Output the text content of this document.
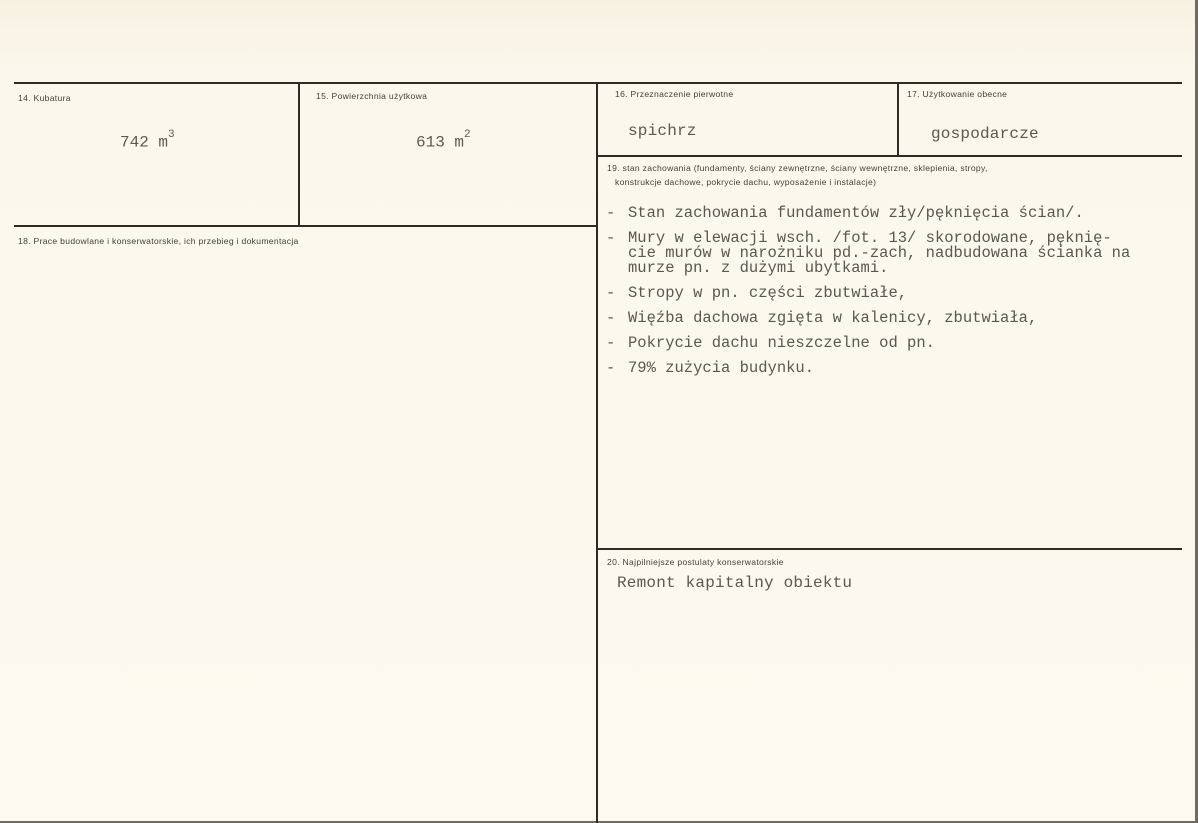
14. Kubatura
742 $m^3$
15. Powierzchnia użytkowa
613 $m^2$
16. Przeznaczenie pierwotne
spichrz
17. Użytkowanie obecne
gospodarcze
18. Prace budowlane i konserwatorskie, ich przebieg i dokumentacja
19. stan zachowania (fundamenty, ściany zewnętrzne, ściany wewnętrzne, sklepienia, stropy,
konstrukcje dachowe, pokrycie dachu, wyposażenie i instalacje)
- Stan zachowania fundamentów zły/pęknięcia ścian/.
- Mury w elewacji wsch. /fot. 13/ skorodowane, pęknię-
cie murów w narożniku pd.-zach, nadbudowana ścianka na
murze pn. z dużymi ubytkami.
- Stropy w pn. części zbutwiałe,
- Więźba dachowa zgięta w kalenicy, zbutwiała,
- Pokrycie dachu nieszczelne od pn.
- 79% zużycia budynku.
20. Najpilniejsze postulaty konserwatorskie
Remont kapitalny obiektu
